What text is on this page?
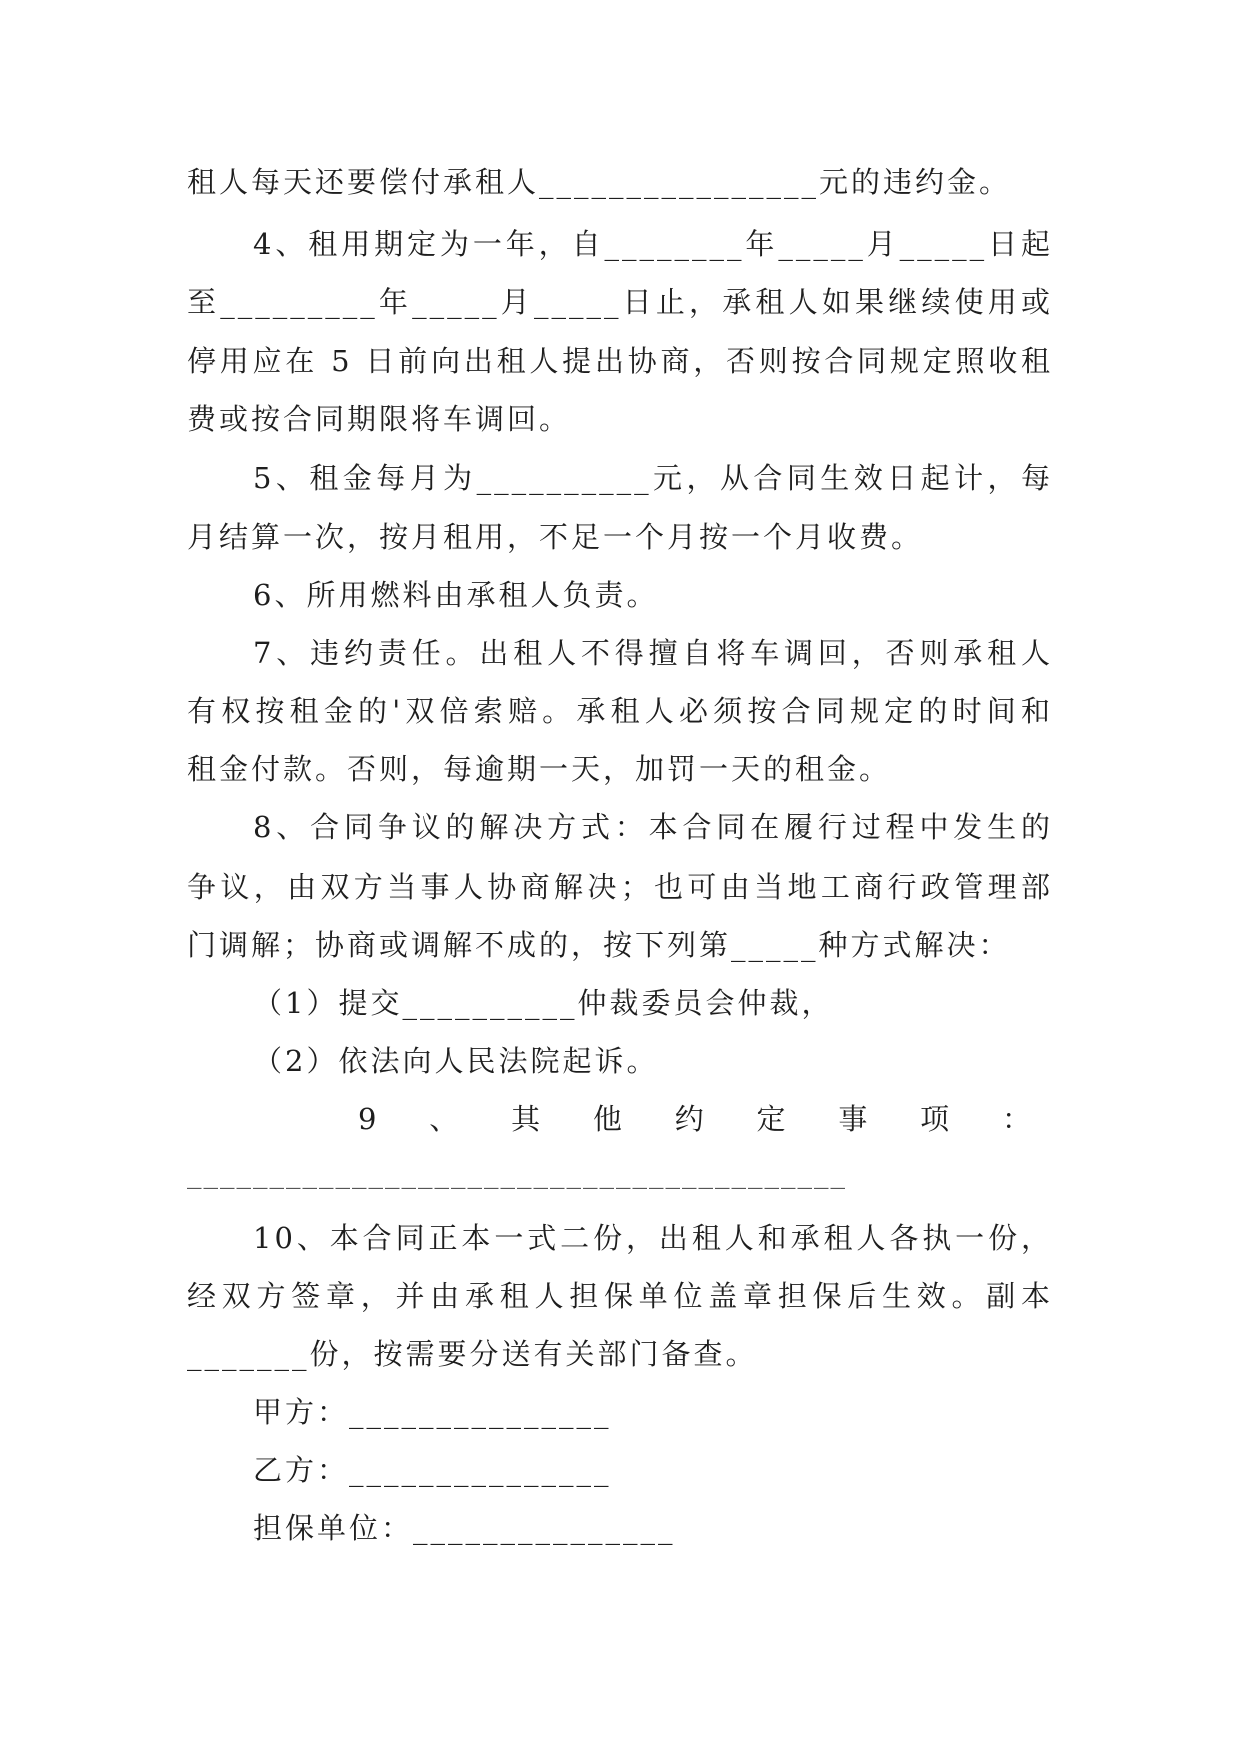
租人每天还要偿付承租人________________元的违约金。
4、租用期定为一年，自________年_____月_____日起
至_________年_____月_____日止，承租人如果继续使用或
停用应在 5 日前向出租人提出协商，否则按合同规定照收租
费或按合同期限将车调回。
5、租金每月为__________元，从合同生效日起计，每
月结算一次，按月租用，不足一个月按一个月收费。
6、所用燃料由承租人负责。
7、违约责任。出租人不得擅自将车调回，否则承租人
有权按租金的'双倍索赔。承租人必须按合同规定的时间和
租金付款。否则，每逾期一天，加罚一天的租金。
8、合同争议的解决方式：本合同在履行过程中发生的
争议，由双方当事人协商解决；也可由当地工商行政管理部
门调解；协商或调解不成的，按下列第_____种方式解决：
（1）提交__________仲裁委员会仲裁，
（2）依法向人民法院起诉。
9、其他约定事项：
________________________________________
10、本合同正本一式二份，出租人和承租人各执一份，
经双方签章，并由承租人担保单位盖章担保后生效。副本
_______份，按需要分送有关部门备查。
甲方：_______________
乙方：_______________
担保单位：_______________
